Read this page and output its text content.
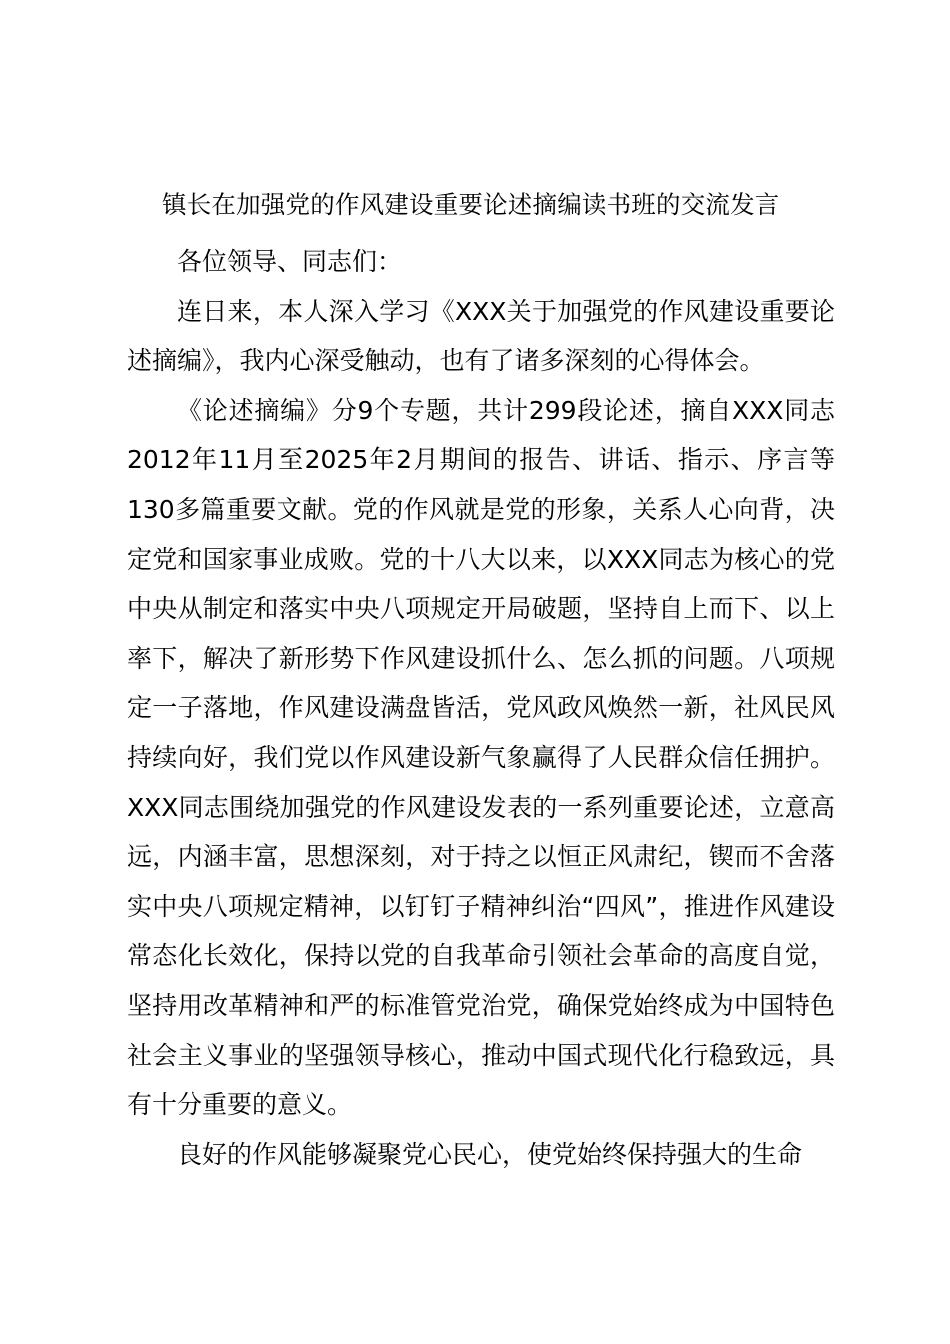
镇长在加强党的作风建设重要论述摘编读书班的交流发言

各位领导、同志们：

连日来，本人深入学习《XXX关于加强党的作风建设重要论述摘编》，我内心深受触动，也有了诸多深刻的心得体会。

《论述摘编》分9个专题，共计299段论述，摘自XXX同志2012年11月至2025年2月期间的报告、讲话、指示、序言等130多篇重要文献。党的作风就是党的形象，关系人心向背，决定党和国家事业成败。党的十八大以来，以XXX同志为核心的党中央从制定和落实中央八项规定开局破题，坚持自上而下、以上率下，解决了新形势下作风建设抓什么、怎么抓的问题。八项规定一子落地，作风建设满盘皆活，党风政风焕然一新，社风民风持续向好，我们党以作风建设新气象赢得了人民群众信任拥护。XXX同志围绕加强党的作风建设发表的一系列重要论述，立意高远，内涵丰富，思想深刻，对于持之以恒正风肃纪，锲而不舍落实中央八项规定精神，以钉钉子精神纠治“四风”，推进作风建设常态化长效化，保持以党的自我革命引领社会革命的高度自觉，坚持用改革精神和严的标准管党治党，确保党始终成为中国特色社会主义事业的坚强领导核心，推动中国式现代化行稳致远，具有十分重要的意义。

良好的作风能够凝聚党心民心，使党始终保持强大的生命
